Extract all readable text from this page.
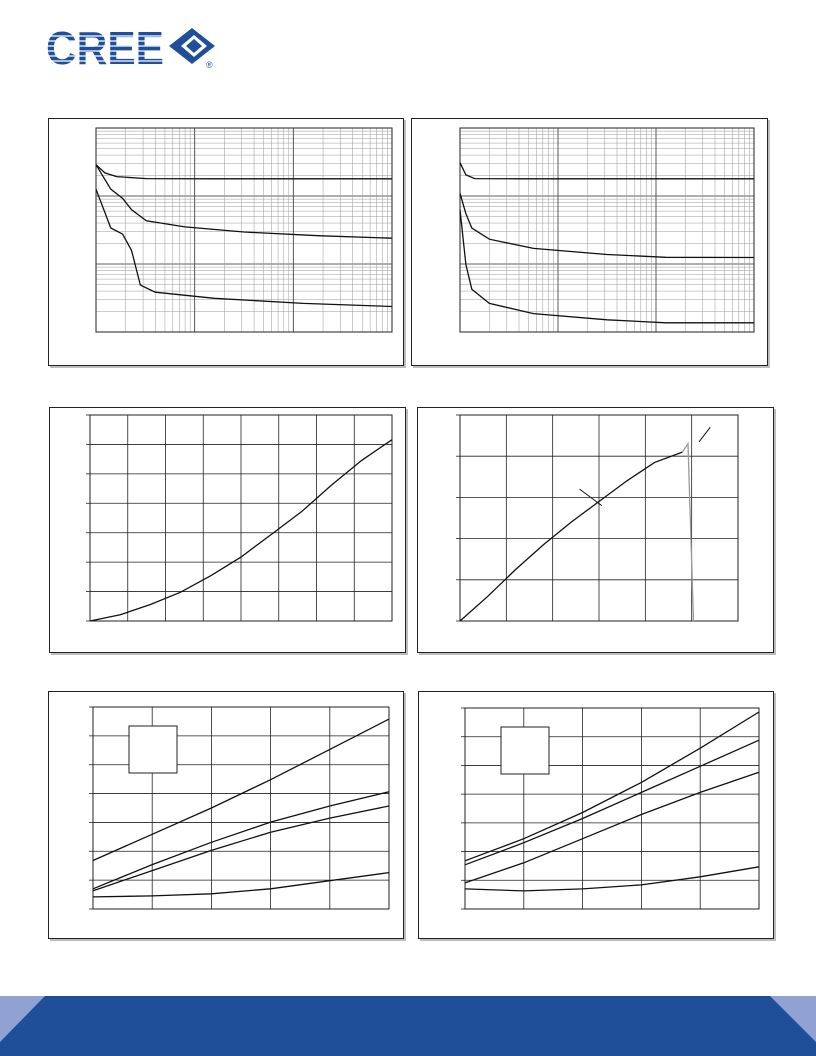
CREE	®
